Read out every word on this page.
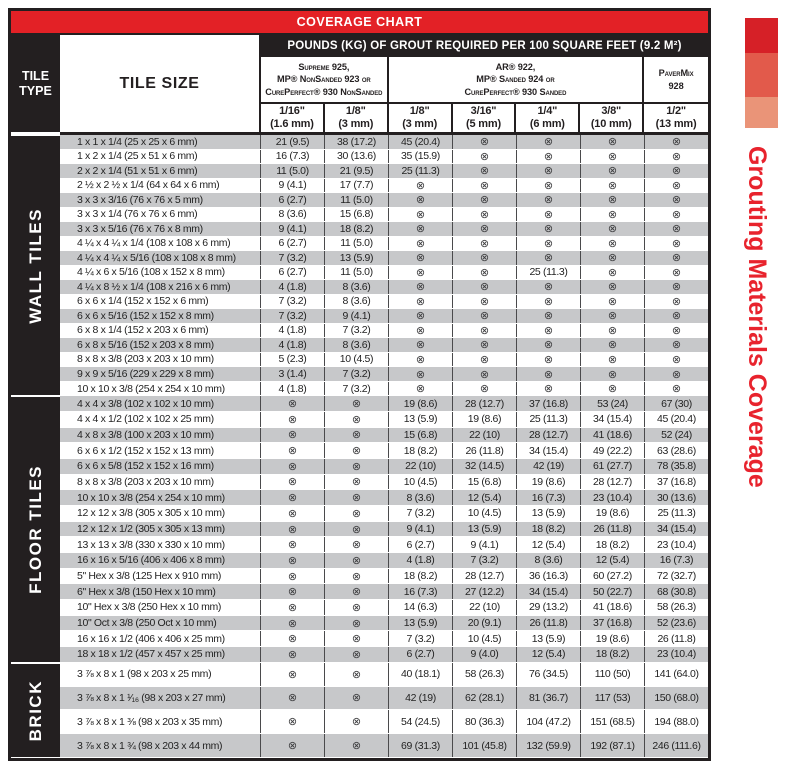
COVERAGE CHART
TILE TYPE	TILE SIZE
POUNDS (KG) OF GROUT REQUIRED PER 100 SQUARE FEET (9.2 M²)
Supreme 925,
MP® NonSanded 923 or
CurePerfect® 930 NonSanded
AR® 922,
MP® Sanded 924 or
CurePerfect® 930 Sanded
PaverMix
928
1/16"
(1.6 mm)
1/8"
(3 mm)
1/8"
(3 mm)
3/16"
(5 mm)
1/4"
(6 mm)
3/8"
(10 mm)
1/2"
(13 mm)
WALL TILES
1 x 1 x 1/4 (25 x 25 x 6 mm)	21 (9.5)	38 (17.2)	45 (20.4)	⊗	⊗	⊗	⊗
1 x 2 x 1/4 (25 x 51 x 6 mm)	16 (7.3)	30 (13.6)	35 (15.9)	⊗	⊗	⊗	⊗
2 x 2 x 1/4 (51 x 51 x 6 mm)	11 (5.0)	21 (9.5)	25 (11.3)	⊗	⊗	⊗	⊗
2 ½ x 2 ½ x 1/4 (64 x 64 x 6 mm)	9 (4.1)	17 (7.7)	⊗	⊗	⊗	⊗	⊗
3 x 3 x 3/16 (76 x 76 x 5 mm)	6 (2.7)	11 (5.0)	⊗	⊗	⊗	⊗	⊗
3 x 3 x 1/4 (76 x 76 x 6 mm)	8 (3.6)	15 (6.8)	⊗	⊗	⊗	⊗	⊗
3 x 3 x 5/16 (76 x 76 x 8 mm)	9 (4.1)	18 (8.2)	⊗	⊗	⊗	⊗	⊗
4 ¼ x 4 ¼ x 1/4 (108 x 108 x 6 mm)	6 (2.7)	11 (5.0)	⊗	⊗	⊗	⊗	⊗
4 ¼ x 4 ¼ x 5/16 (108 x 108 x 8 mm)	7 (3.2)	13 (5.9)	⊗	⊗	⊗	⊗	⊗
4 ¼ x 6 x 5/16 (108 x 152 x 8 mm)	6 (2.7)	11 (5.0)	⊗	⊗	25 (11.3)	⊗	⊗
4 ¼ x 8 ½ x 1/4 (108 x 216 x 6 mm)	4 (1.8)	8 (3.6)	⊗	⊗	⊗	⊗	⊗
6 x 6 x 1/4 (152 x 152 x 6 mm)	7 (3.2)	8 (3.6)	⊗	⊗	⊗	⊗	⊗
6 x 6 x 5/16 (152 x 152 x 8 mm)	7 (3.2)	9 (4.1)	⊗	⊗	⊗	⊗	⊗
6 x 8 x 1/4 (152 x 203 x 6 mm)	4 (1.8)	7 (3.2)	⊗	⊗	⊗	⊗	⊗
6 x 8 x 5/16 (152 x 203 x 8 mm)	4 (1.8)	8 (3.6)	⊗	⊗	⊗	⊗	⊗
8 x 8 x 3/8 (203 x 203 x 10 mm)	5 (2.3)	10 (4.5)	⊗	⊗	⊗	⊗	⊗
9 x 9 x 5/16 (229 x 229 x 8 mm)	3 (1.4)	7 (3.2)	⊗	⊗	⊗	⊗	⊗
10 x 10 x 3/8 (254 x 254 x 10 mm)	4 (1.8)	7 (3.2)	⊗	⊗	⊗	⊗	⊗
FLOOR TILES
4 x 4 x 3/8 (102 x 102 x 10 mm)	⊗	⊗	19 (8.6)	28 (12.7)	37 (16.8)	53 (24)	67 (30)
4 x 4 x 1/2 (102 x 102 x 25 mm)	⊗	⊗	13 (5.9)	19 (8.6)	25 (11.3)	34 (15.4)	45 (20.4)
4 x 8 x 3/8 (100 x 203 x 10 mm)	⊗	⊗	15 (6.8)	22 (10)	28 (12.7)	41 (18.6)	52 (24)
6 x 6 x 1/2 (152 x 152 x 13 mm)	⊗	⊗	18 (8.2)	26 (11.8)	34 (15.4)	49 (22.2)	63 (28.6)
6 x 6 x 5/8 (152 x 152 x 16 mm)	⊗	⊗	22 (10)	32 (14.5)	42 (19)	61 (27.7)	78 (35.8)
8 x 8 x 3/8 (203 x 203 x 10 mm)	⊗	⊗	10 (4.5)	15 (6.8)	19 (8.6)	28 (12.7)	37 (16.8)
10 x 10 x 3/8 (254 x 254 x 10 mm)	⊗	⊗	8 (3.6)	12 (5.4)	16 (7.3)	23 (10.4)	30 (13.6)
12 x 12 x 3/8 (305 x 305 x 10 mm)	⊗	⊗	7 (3.2)	10 (4.5)	13 (5.9)	19 (8.6)	25 (11.3)
12 x 12 x 1/2 (305 x 305 x 13 mm)	⊗	⊗	9 (4.1)	13 (5.9)	18 (8.2)	26 (11.8)	34 (15.4)
13 x 13 x 3/8 (330 x 330 x 10 mm)	⊗	⊗	6 (2.7)	9 (4.1)	12 (5.4)	18 (8.2)	23 (10.4)
16 x 16 x 5/16 (406 x 406 x 8 mm)	⊗	⊗	4 (1.8)	7 (3.2)	8 (3.6)	12 (5.4)	16 (7.3)
5" Hex x 3/8 (125 Hex x 910 mm)	⊗	⊗	18 (8.2)	28 (12.7)	36 (16.3)	60 (27.2)	72 (32.7)
6" Hex x 3/8 (150 Hex x 10 mm)	⊗	⊗	16 (7.3)	27 (12.2)	34 (15.4)	50 (22.7)	68 (30.8)
10" Hex x 3/8 (250 Hex x 10 mm)	⊗	⊗	14 (6.3)	22 (10)	29 (13.2)	41 (18.6)	58 (26.3)
10" Oct x 3/8 (250 Oct x 10 mm)	⊗	⊗	13 (5.9)	20 (9.1)	26 (11.8)	37 (16.8)	52 (23.6)
16 x 16 x 1/2 (406 x 406 x 25 mm)	⊗	⊗	7 (3.2)	10 (4.5)	13 (5.9)	19 (8.6)	26 (11.8)
18 x 18 x 1/2 (457 x 457 x 25 mm)	⊗	⊗	6 (2.7)	9 (4.0)	12 (5.4)	18 (8.2)	23 (10.4)
BRICK
3 ⅞ x 8 x 1 (98 x 203 x 25 mm)	⊗	⊗	40 (18.1)	58 (26.3)	76 (34.5)	110 (50)	141 (64.0)
3 ⅞ x 8 x 1 ¹⁄₁₆ (98 x 203 x 27 mm)	⊗	⊗	42 (19)	62 (28.1)	81 (36.7)	117 (53)	150 (68.0)
3 ⅞ x 8 x 1 ⅜ (98 x 203 x 35 mm)	⊗	⊗	54 (24.5)	80 (36.3)	104 (47.2)	151 (68.5)	194 (88.0)
3 ⅞ x 8 x 1 ¾ (98 x 203 x 44 mm)	⊗	⊗	69 (31.3)	101 (45.8)	132 (59.9)	192 (87.1)	246 (111.6)
Grouting Materials Coverage
